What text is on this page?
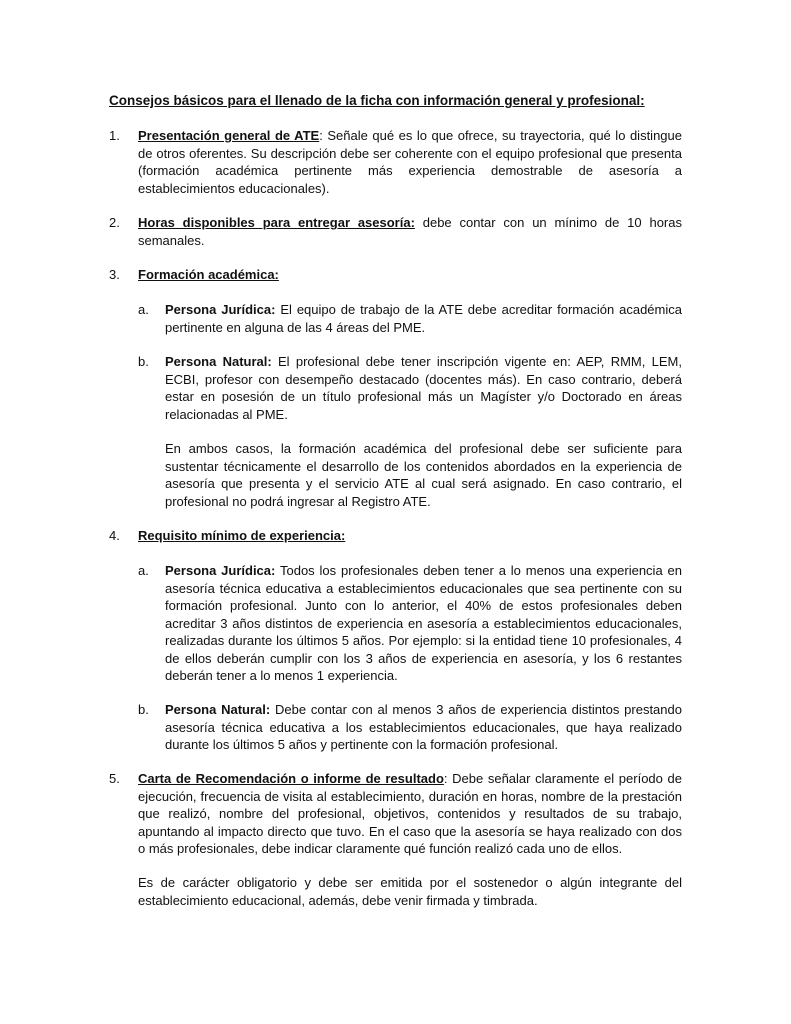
Consejos básicos para el llenado de la ficha con información general y profesional:
1. Presentación general de ATE: Señale qué es lo que ofrece, su trayectoria, qué lo distingue de otros oferentes. Su descripción debe ser coherente con el equipo profesional que presenta (formación académica pertinente más experiencia demostrable de asesoría a establecimientos educacionales).

2. Horas disponibles para entregar asesoría: debe contar con un mínimo de 10 horas semanales.

3. Formación académica:

a. Persona Jurídica: El equipo de trabajo de la ATE debe acreditar formación académica pertinente en alguna de las 4 áreas del PME.

b. Persona Natural: El profesional debe tener inscripción vigente en: AEP, RMM, LEM, ECBI, profesor con desempeño destacado (docentes más). En caso contrario, deberá estar en posesión de un título profesional más un Magíster y/o Doctorado en áreas relacionadas al PME.

En ambos casos, la formación académica del profesional debe ser suficiente para sustentar técnicamente el desarrollo de los contenidos abordados en la experiencia de asesoría que presenta y el servicio ATE al cual será asignado. En caso contrario, el profesional no podrá ingresar al Registro ATE.
4. Requisito mínimo de experiencia:

a. Persona Jurídica: Todos los profesionales deben tener a lo menos una experiencia en asesoría técnica educativa a establecimientos educacionales que sea pertinente con su formación profesional. Junto con lo anterior, el 40% de estos profesionales deben acreditar 3 años distintos de experiencia en asesoría a establecimientos educacionales, realizadas durante los últimos 5 años. Por ejemplo: si la entidad tiene 10 profesionales, 4 de ellos deberán cumplir con los 3 años de experiencia en asesoría, y los 6 restantes deberán tener a lo menos 1 experiencia.

b. Persona Natural: Debe contar con al menos 3 años de experiencia distintos prestando asesoría técnica educativa a los establecimientos educacionales, que haya realizado durante los últimos 5 años y pertinente con la formación profesional.

5. Carta de Recomendación o informe de resultado: Debe señalar claramente el período de ejecución, frecuencia de visita al establecimiento, duración en horas, nombre de la prestación que realizó, nombre del profesional, objetivos, contenidos y resultados de su trabajo, apuntando al impacto directo que tuvo. En el caso que la asesoría se haya realizado con dos o más profesionales, debe indicar claramente qué función realizó cada uno de ellos.

Es de carácter obligatorio y debe ser emitida por el sostenedor o algún integrante del establecimiento educacional, además, debe venir firmada y timbrada.
